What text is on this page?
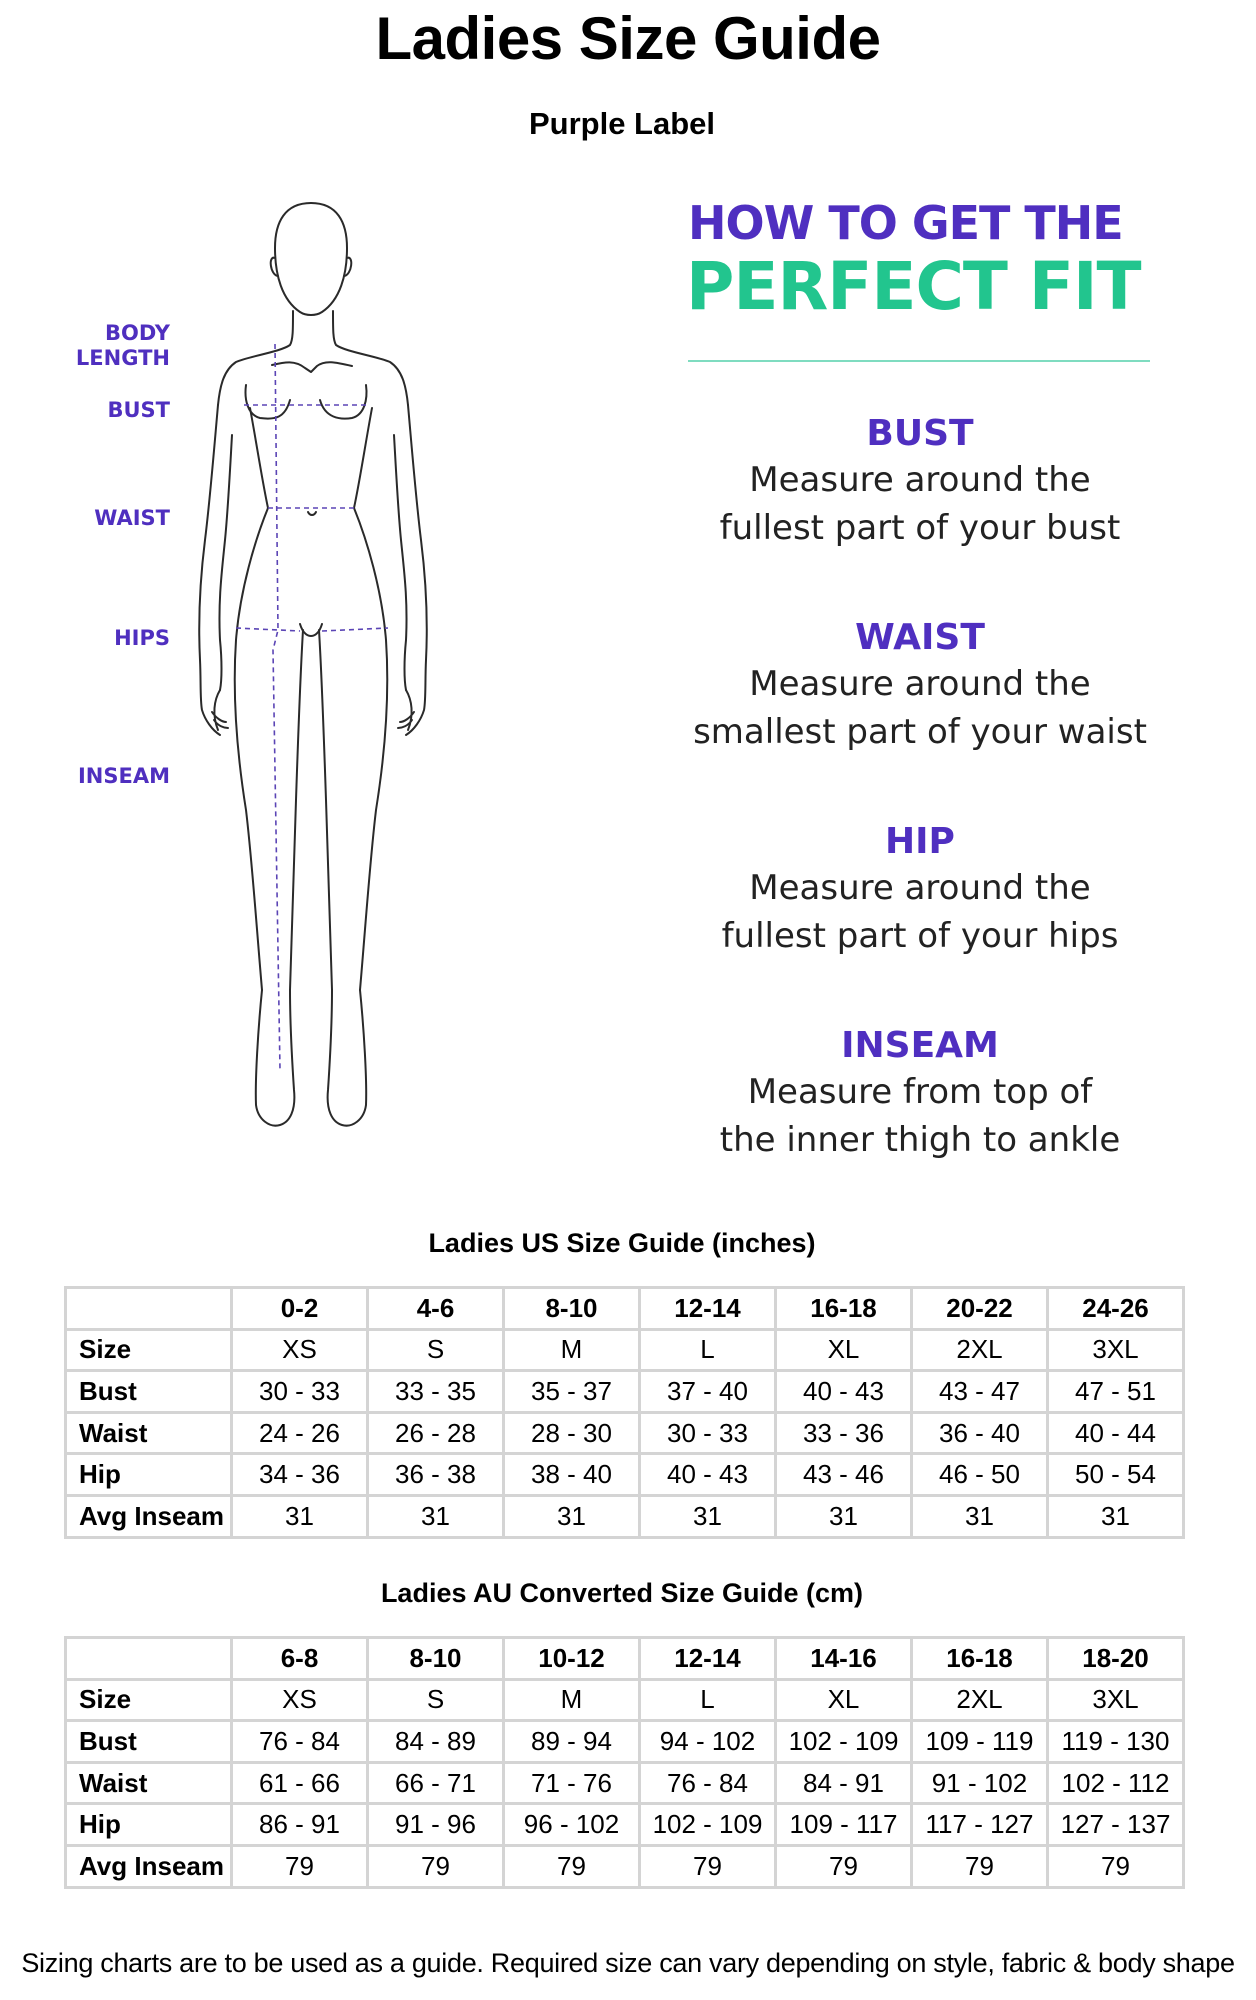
Ladies Size Guide
Purple Label
BODY
LENGTH
BUST
WAIST
HIPS
INSEAM
HOW TO GET THE
PERFECT FIT
BUST
Measure around the
fullest part of your bust
WAIST
Measure around the
smallest part of your waist
HIP
Measure around the
fullest part of your hips
INSEAM
Measure from top of
the inner thigh to ankle
Ladies US Size Guide (inches)
	0-2	4-6	8-10	12-14	16-18	20-22	24-26
Size	XS	S	M	L	XL	2XL	3XL
Bust	30 - 33	33 - 35	35 - 37	37 - 40	40 - 43	43 - 47	47 - 51
Waist	24 - 26	26 - 28	28 - 30	30 - 33	33 - 36	36 - 40	40 - 44
Hip	34 - 36	36 - 38	38 - 40	40 - 43	43 - 46	46 - 50	50 - 54
Avg Inseam	31	31	31	31	31	31	31
Ladies AU Converted Size Guide (cm)
	6-8	8-10	10-12	12-14	14-16	16-18	18-20
Size	XS	S	M	L	XL	2XL	3XL
Bust	76 - 84	84 - 89	89 - 94	94 - 102	102 - 109	109 - 119	119 - 130
Waist	61 - 66	66 - 71	71 - 76	76 - 84	84 - 91	91 - 102	102 - 112
Hip	86 - 91	91 - 96	96 - 102	102 - 109	109 - 117	117 - 127	127 - 137
Avg Inseam	79	79	79	79	79	79	79
Sizing charts are to be used as a guide. Required size can vary depending on style, fabric & body shape
